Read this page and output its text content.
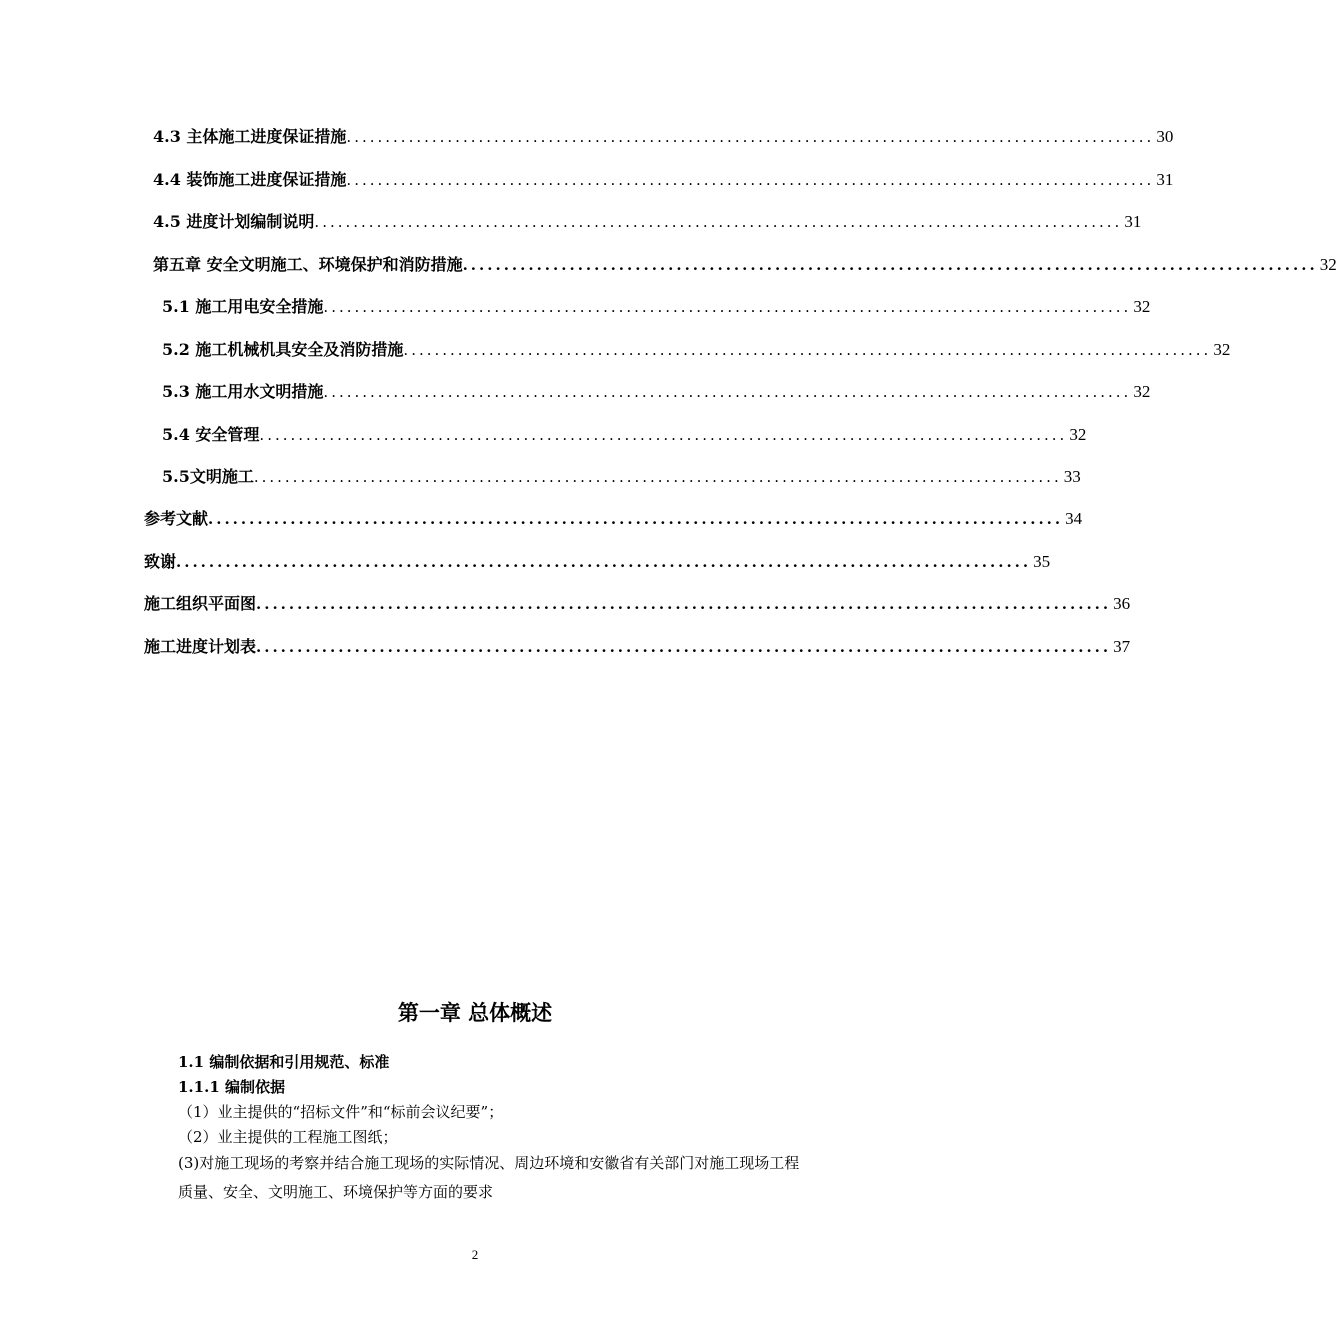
4.3 主体施工进度保证措施 ........................................................................................................ 30
4.4 装饰施工进度保证措施 ........................................................................................................ 31
4.5 进度计划编制说明 ........................................................................................................ 31
第五章 安全文明施工、环境保护和消防措施 ........................................................................................................ 32
5.1 施工用电安全措施 ........................................................................................................ 32
5.2 施工机械机具安全及消防措施 ........................................................................................................ 32
5.3 施工用水文明措施 ........................................................................................................ 32
5.4 安全管理 ........................................................................................................ 32
5.5文明施工 ........................................................................................................ 33
参考文献 ........................................................................................................ 34
致谢 ........................................................................................................ 35
施工组织平面图 ........................................................................................................ 36
施工进度计划表 ........................................................................................................ 37
第一章 总体概述
1.1 编制依据和引用规范、标准
1.1.1 编制依据
（1）业主提供的“招标文件”和“标前会议纪要”；
（2）业主提供的工程施工图纸；
(3)对施工现场的考察并结合施工现场的实际情况、周边环境和安徽省有关部门对施工现场工程质量、安全、文明施工、环境保护等方面的要求
2
